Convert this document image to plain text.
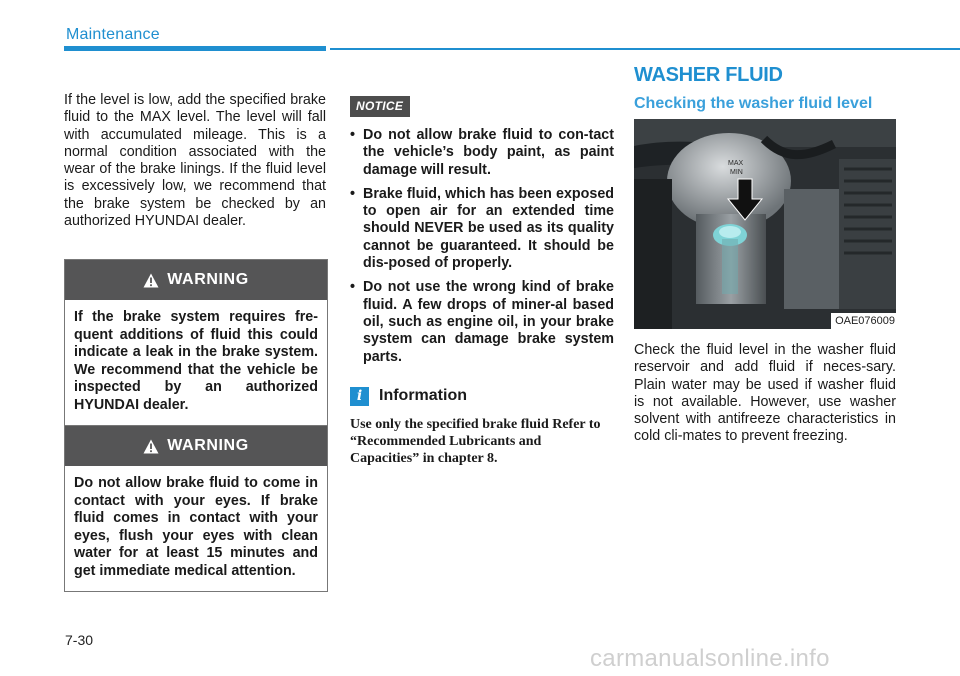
Maintenance

If the level is low, add the specified brake fluid to the MAX level. The level will fall with accumulated mileage. This is a normal condition associated with the wear of the brake linings. If the fluid level is excessively low, we recommend that the brake system be checked by an authorized HYUNDAI dealer.

WARNING
If the brake system requires fre-quent additions of fluid this could indicate a leak in the brake system. We recommend that the vehicle be inspected by an authorized HYUNDAI dealer.
WARNING
Do not allow brake fluid to come in contact with your eyes. If brake fluid comes in contact with your eyes, flush your eyes with clean water for at least 15 minutes and get immediate medical attention.
NOTICE
• Do not allow brake fluid to con-tact the vehicle’s body paint, as paint damage will result.
• Brake fluid, which has been exposed to open air for an extended time should NEVER be used as its quality cannot be guaranteed. It should be dis-posed of properly.
• Do not use the wrong kind of brake fluid. A few drops of miner-al based oil, such as engine oil, in your brake system can damage brake system parts.
i	Information
Use only the specified brake fluid Refer to “Recommended Lubricants and Capacities” in chapter 8.
WASHER FLUID
Checking the washer fluid level
MAX
MIN
OAE076009

Check the fluid level in the washer fluid reservoir and add fluid if neces-sary. Plain water may be used if washer fluid is not available. However, use washer solvent with antifreeze characteristics in cold cli-mates to prevent freezing.

7-30
carmanualsonline.info
